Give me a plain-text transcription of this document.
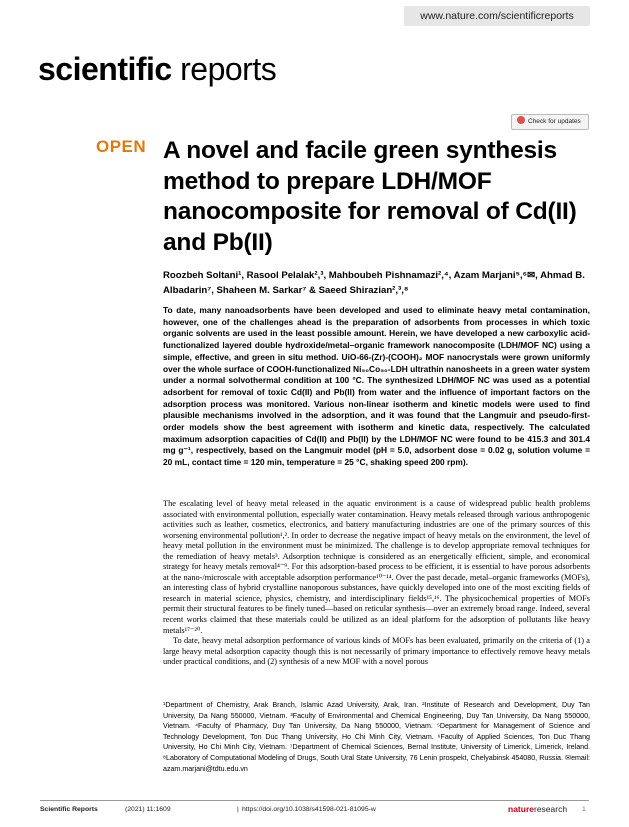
www.nature.com/scientificreports
scientific reports
Check for updates
OPEN A novel and facile green synthesis method to prepare LDH/MOF nanocomposite for removal of Cd(II) and Pb(II)
Roozbeh Soltani¹, Rasool Pelalak²,³, Mahboubeh Pishnamazi²,⁴, Azam Marjani⁵,⁶✉, Ahmad B. Albadarin⁷, Shaheen M. Sarkar⁷ & Saeed Shirazian²,³,⁸
To date, many nanoadsorbents have been developed and used to eliminate heavy metal contamination, however, one of the challenges ahead is the preparation of adsorbents from processes in which toxic organic solvents are used in the least possible amount. Herein, we have developed a new carboxylic acid-functionalized layered double hydroxide/metal–organic framework nanocomposite (LDH/MOF NC) using a simple, effective, and green in situ method. UiO-66-(Zr)-(COOH)₂ MOF nanocrystals were grown uniformly over the whole surface of COOH-functionalized Ni₅₀Co₅₀-LDH ultrathin nanosheets in a green water system under a normal solvothermal condition at 100 °C. The synthesized LDH/MOF NC was used as a potential adsorbent for removal of toxic Cd(II) and Pb(II) from water and the influence of important factors on the adsorption process was monitored. Various non-linear isotherm and kinetic models were used to find plausible mechanisms involved in the adsorption, and it was found that the Langmuir and pseudo-first-order models show the best agreement with isotherm and kinetic data, respectively. The calculated maximum adsorption capacities of Cd(II) and Pb(II) by the LDH/MOF NC were found to be 415.3 and 301.4 mg g⁻¹, respectively, based on the Langmuir model (pH = 5.0, adsorbent dose = 0.02 g, solution volume = 20 mL, contact time = 120 min, temperature = 25 °C, shaking speed 200 rpm).

The escalating level of heavy metal released in the aquatic environment is a cause of widespread public health problems associated with environmental pollution, especially water contamination. Heavy metals released through various anthropogenic activities such as leather, cosmetics, electronics, and battery manufacturing industries are one of the primary sources of this worsening environmental pollution¹,². In order to decrease the negative impact of heavy metals on the environment, the level of heavy metal pollution in the environment must be minimized. The challenge is to develop appropriate removal techniques for the remediation of heavy metals³. Adsorption technique is considered as an energetically efficient, simple, and economical strategy for heavy metals removal⁴⁻⁹. For this adsorption-based process to be efficient, it is essential to have porous adsorbents at the nano-/microscale with acceptable adsorption performance¹⁰⁻¹⁴. Over the past decade, metal–organic frameworks (MOFs), an interesting class of hybrid crystalline nanoporous substances, have quickly developed into one of the most exciting fields of research in material science, physics, chemistry, and interdisciplinary fields¹⁵,¹⁶. The physicochemical properties of MOFs permit their structural features to be finely tuned—based on reticular synthesis—over an extremely broad range. Indeed, several recent works claimed that these materials could be utilized as an ideal platform for the adsorption of pollutants like heavy metals¹⁷⁻²⁰.

To date, heavy metal adsorption performance of various kinds of MOFs has been evaluated, primarily on the criteria of (1) a large heavy metal adsorption capacity though this is not necessarily of primary importance to effectively remove heavy metals under practical conditions, and (2) synthesis of a new MOF with a novel porous

¹Department of Chemistry, Arak Branch, Islamic Azad University, Arak, Iran. ²Institute of Research and Development, Duy Tan University, Da Nang 550000, Vietnam. ³Faculty of Environmental and Chemical Engineering, Duy Tan University, Da Nang 550000, Vietnam. ⁴Faculty of Pharmacy, Duy Tan University, Da Nang 550000, Vietnam. ⁵Department for Management of Science and Technology Development, Ton Duc Thang University, Ho Chi Minh City, Vietnam. ⁶Faculty of Applied Sciences, Ton Duc Thang University, Ho Chi Minh City, Vietnam. ⁷Department of Chemical Sciences, Bernal Institute, University of Limerick, Limerick, Ireland. ⁸Laboratory of Computational Modeling of Drugs, South Ural State University, 76 Lenin prospekt, Chelyabinsk 454080, Russia. ✉email: azam.marjani@tdtu.edu.vn
Scientific Reports	(2021) 11:1609	| https://doi.org/10.1038/s41598-021-81095-w	natureresearch 1
